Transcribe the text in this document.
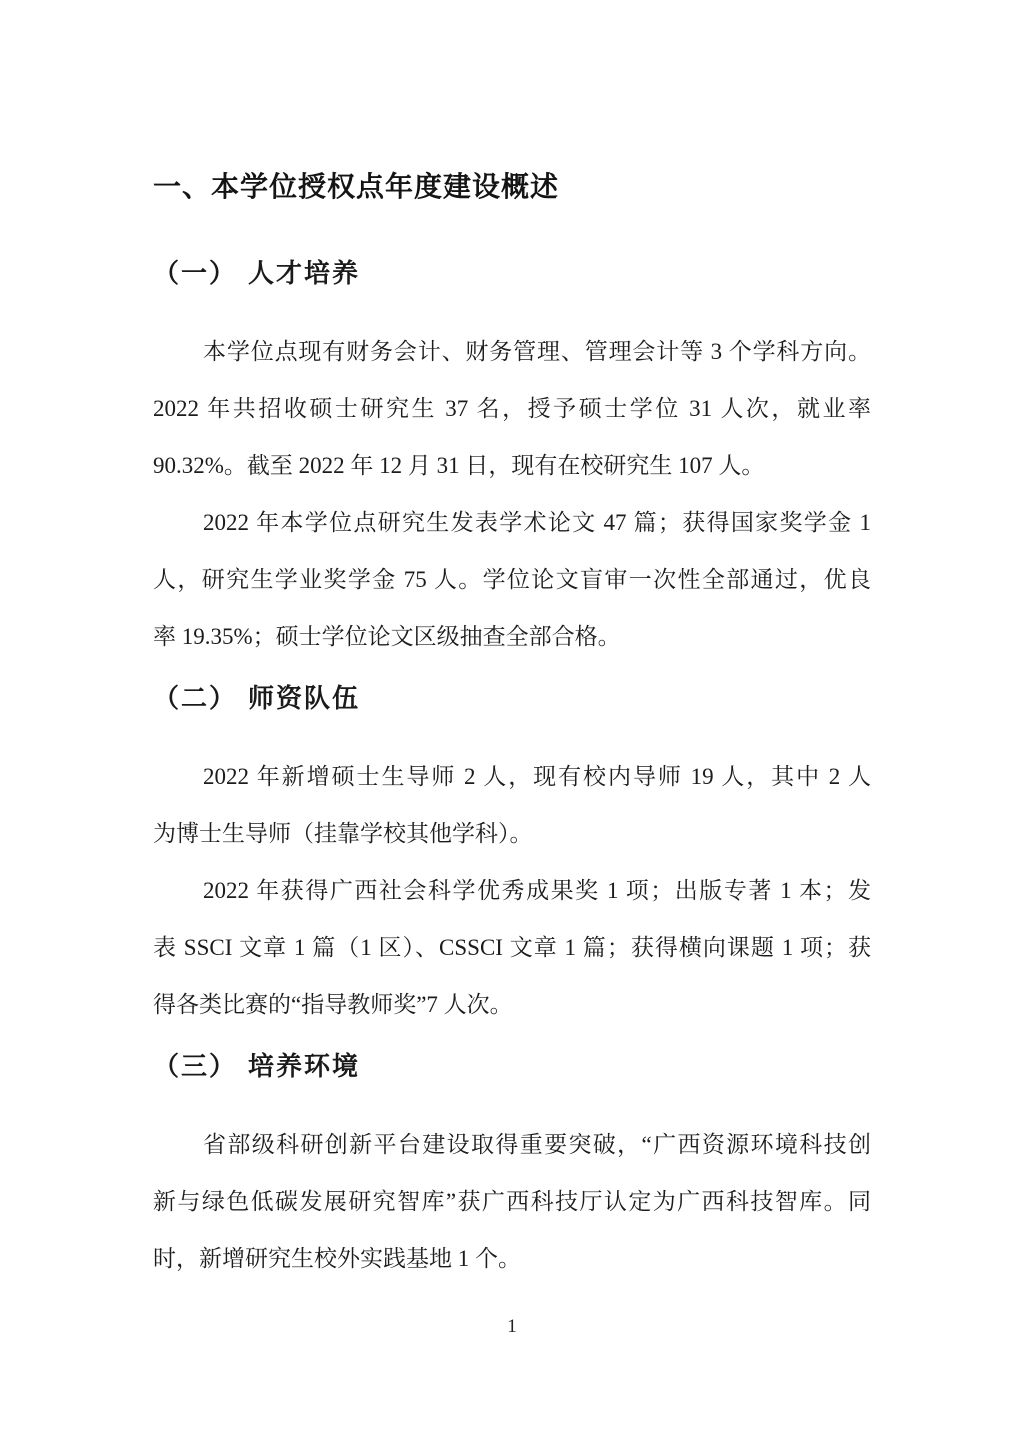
一、本学位授权点年度建设概述
（一） 人才培养
本学位点现有财务会计、财务管理、管理会计等 3 个学科方向。
2022 年共招收硕士研究生 37 名，授予硕士学位 31 人次，就业率
90.32%。截至 2022 年 12 月 31 日，现有在校研究生 107 人。
2022 年本学位点研究生发表学术论文 47 篇；获得国家奖学金 1
人，研究生学业奖学金 75 人。学位论文盲审一次性全部通过，优良
率 19.35%；硕士学位论文区级抽查全部合格。
（二） 师资队伍
2022 年新增硕士生导师 2 人，现有校内导师 19 人，其中 2 人
为博士生导师（挂靠学校其他学科）。
2022 年获得广西社会科学优秀成果奖 1 项；出版专著 1 本；发
表 SSCI 文章 1 篇（1 区）、CSSCI 文章 1 篇；获得横向课题 1 项；获
得各类比赛的“指导教师奖”7 人次。
（三） 培养环境
省部级科研创新平台建设取得重要突破，“广西资源环境科技创
新与绿色低碳发展研究智库”获广西科技厅认定为广西科技智库。同
时，新增研究生校外实践基地 1 个。
1
